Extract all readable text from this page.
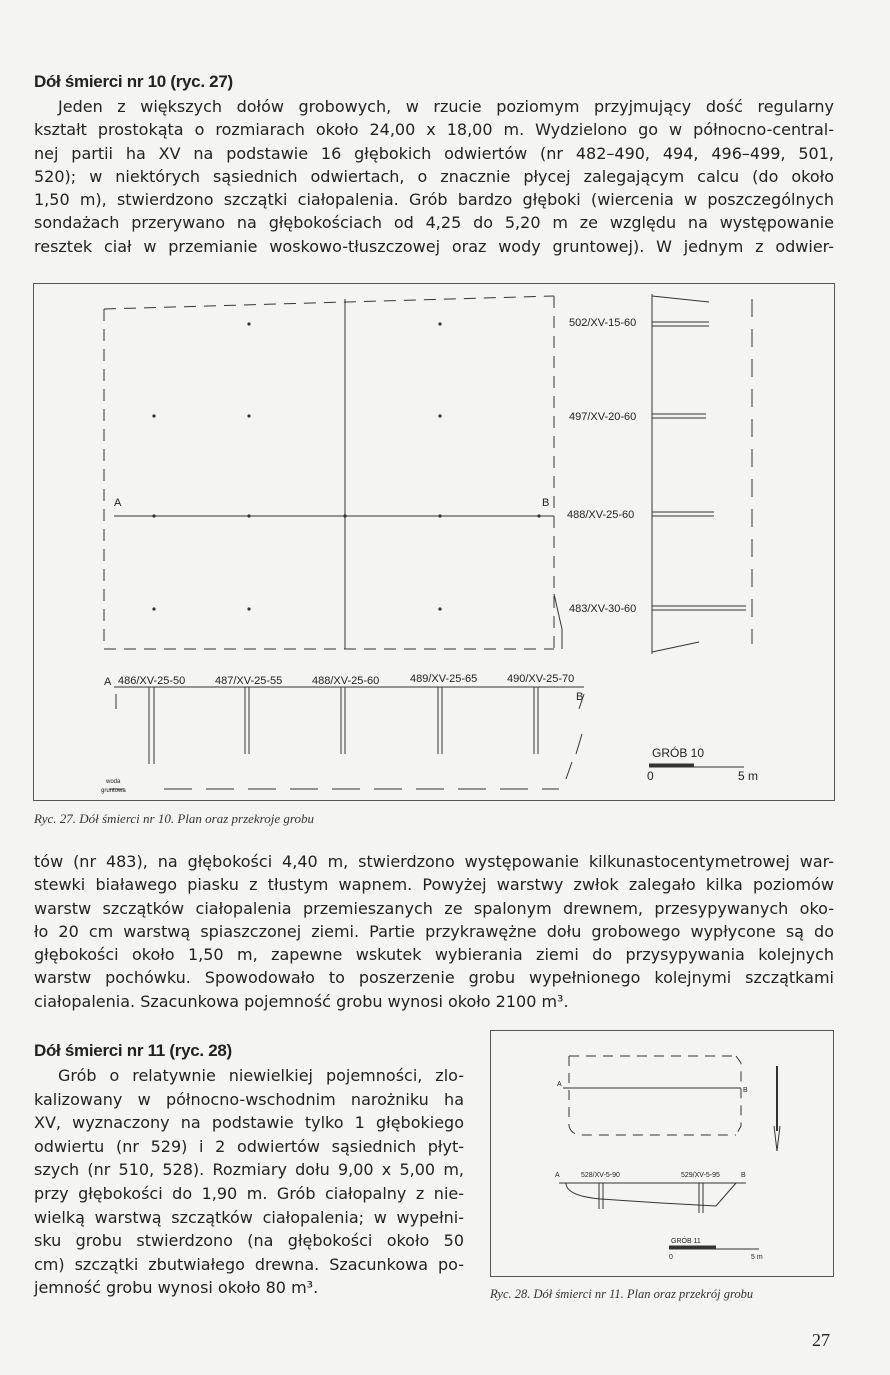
Dół śmierci nr 10 (ryc. 27)
Jeden z większych dołów grobowych, w rzucie poziomym przyjmujący dość regularny
kształt prostokąta o rozmiarach około 24,00 x 18,00 m. Wydzielono go w północno-central-
nej partii ha XV na podstawie 16 głębokich odwiertów (nr 482–490, 494, 496–499, 501,
520); w niektórych sąsiednich odwiertach, o znacznie płycej zalegającym calcu (do około
1,50 m), stwierdzono szczątki ciałopalenia. Grób bardzo głęboki (wiercenia w poszczególnych
sondażach przerywano na głębokościach od 4,25 do 5,20 m ze względu na występowanie
resztek ciał w przemianie woskowo-tłuszczowej oraz wody gruntowej). W jednym z odwier-
A	B
502/XV-15-60
497/XV-20-60
488/XV-25-60
483/XV-30-60
A 486/XV-25-50	487/XV-25-55	488/XV-25-60	489/XV-25-65	490/XV-25-70
B
woda
gruntowa
GRÓB 10
0	5 m
Ryc. 27. Dół śmierci nr 10. Plan oraz przekroje grobu
tów (nr 483), na głębokości 4,40 m, stwierdzono występowanie kilkunastocentymetrowej war-
stewki białawego piasku z tłustym wapnem. Powyżej warstwy zwłok zalegało kilka poziomów
warstw szczątków ciałopalenia przemieszanych ze spalonym drewnem, przesypywanych oko-
ło 20 cm warstwą spiaszczonej ziemi. Partie przykrawężne dołu grobowego wypłycone są do
głębokości około 1,50 m, zapewne wskutek wybierania ziemi do przysypywania kolejnych
warstw pochówku. Spowodowało to poszerzenie grobu wypełnionego kolejnymi szczątkami
ciałopalenia. Szacunkowa pojemność grobu wynosi około 2100 m³.
Dół śmierci nr 11 (ryc. 28)
Grób o relatywnie niewielkiej pojemności, zlo-
kalizowany w północno-wschodnim narożniku ha
XV, wyznaczony na podstawie tylko 1 głębokiego
odwiertu (nr 529) i 2 odwiertów sąsiednich płyt-
szych (nr 510, 528). Rozmiary dołu 9,00 x 5,00 m,
przy głębokości do 1,90 m. Grób ciałopalny z nie-
wielką warstwą szczątków ciałopalenia; w wypełni-
sku grobu stwierdzono (na głębokości około 50
cm) szczątki zbutwiałego drewna. Szacunkowa po-
jemność grobu wynosi około 80 m³.
A
B
A	528/XV-5-90	529/XV-5-95	B
GRÓB 11
0	5 m
Ryc. 28. Dół śmierci nr 11. Plan oraz przekrój grobu
27
